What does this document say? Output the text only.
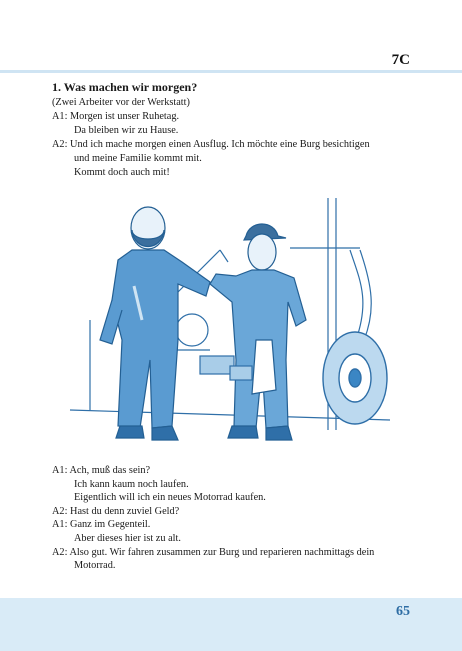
7C
1. Was machen wir morgen?
(Zwei Arbeiter vor der Werkstatt)
A1: Morgen ist unser Ruhetag.
Da bleiben wir zu Hause.
A2: Und ich mache morgen einen Ausflug. Ich möchte eine Burg besichtigen
und meine Familie kommt mit.
Kommt doch auch mit!
A1: Ach, muß das sein?
Ich kann kaum noch laufen.
Eigentlich will ich ein neues Motorrad kaufen.
A2: Hast du denn zuviel Geld?
A1: Ganz im Gegenteil.
Aber dieses hier ist zu alt.
A2: Also gut. Wir fahren zusammen zur Burg und reparieren nachmittags dein
Motorrad.
65
